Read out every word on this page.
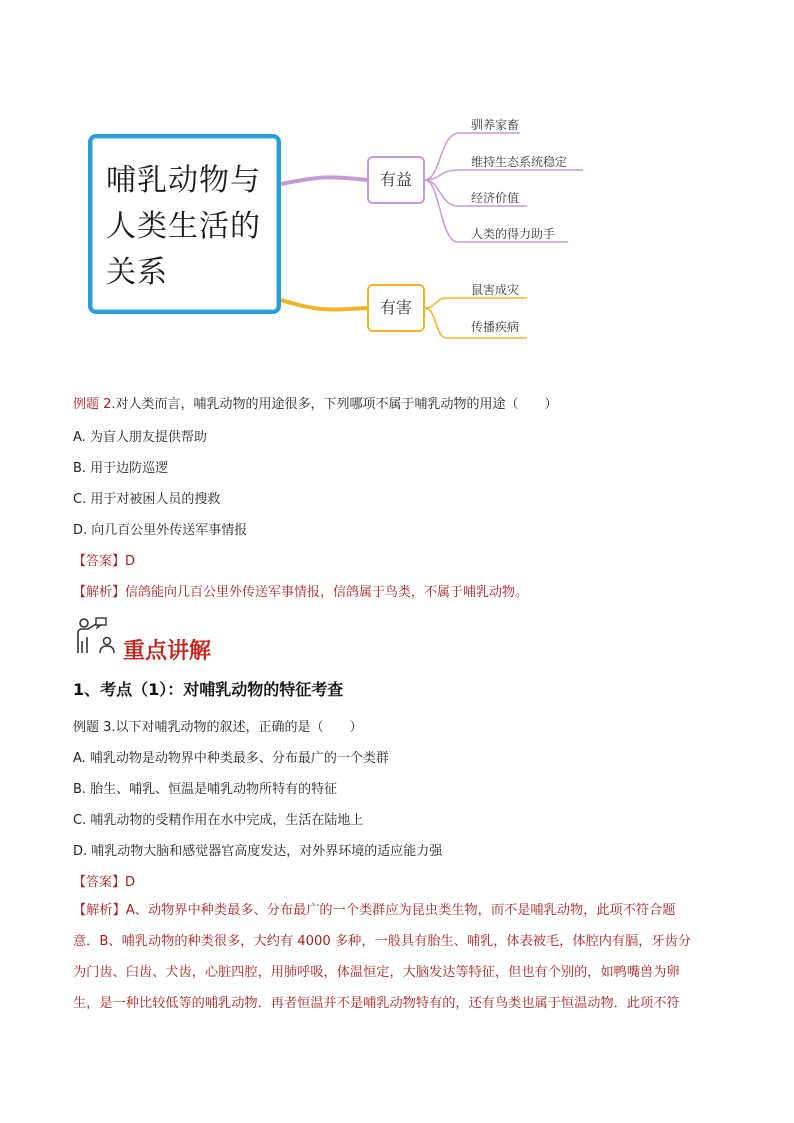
哺乳动物与
人类生活的
关系
有益
有害
驯养家畜
维持生态系统稳定
经济价值
人类的得力助手
鼠害成灾
传播疾病
例题 2.对人类而言，哺乳动物的用途很多，下列哪项不属于哺乳动物的用途（　　）
A. 为盲人朋友提供帮助
B. 用于边防巡逻
C. 用于对被困人员的搜救
D. 向几百公里外传送军事情报
【答案】D
【解析】信鸽能向几百公里外传送军事情报，信鸽属于鸟类，不属于哺乳动物。
重点讲解
1、考点（1）：对哺乳动物的特征考查
例题 3.以下对哺乳动物的叙述，正确的是（　　）
A. 哺乳动物是动物界中种类最多、分布最广的一个类群
B. 胎生、哺乳、恒温是哺乳动物所特有的特征
C. 哺乳动物的受精作用在水中完成，生活在陆地上
D. 哺乳动物大脑和感觉器官高度发达，对外界环境的适应能力强
【答案】D
【解析】A、动物界中种类最多、分布最广的一个类群应为昆虫类生物，而不是哺乳动物，此项不符合题
意．B、哺乳动物的种类很多，大约有 4000 多种，一般具有胎生、哺乳，体表被毛，体腔内有膈，牙齿分
为门齿、臼齿、犬齿，心脏四腔，用肺呼吸，体温恒定，大脑发达等特征，但也有个别的，如鸭嘴兽为卵
生，是一种比较低等的哺乳动物．再者恒温并不是哺乳动物特有的，还有鸟类也属于恒温动物．此项不符
